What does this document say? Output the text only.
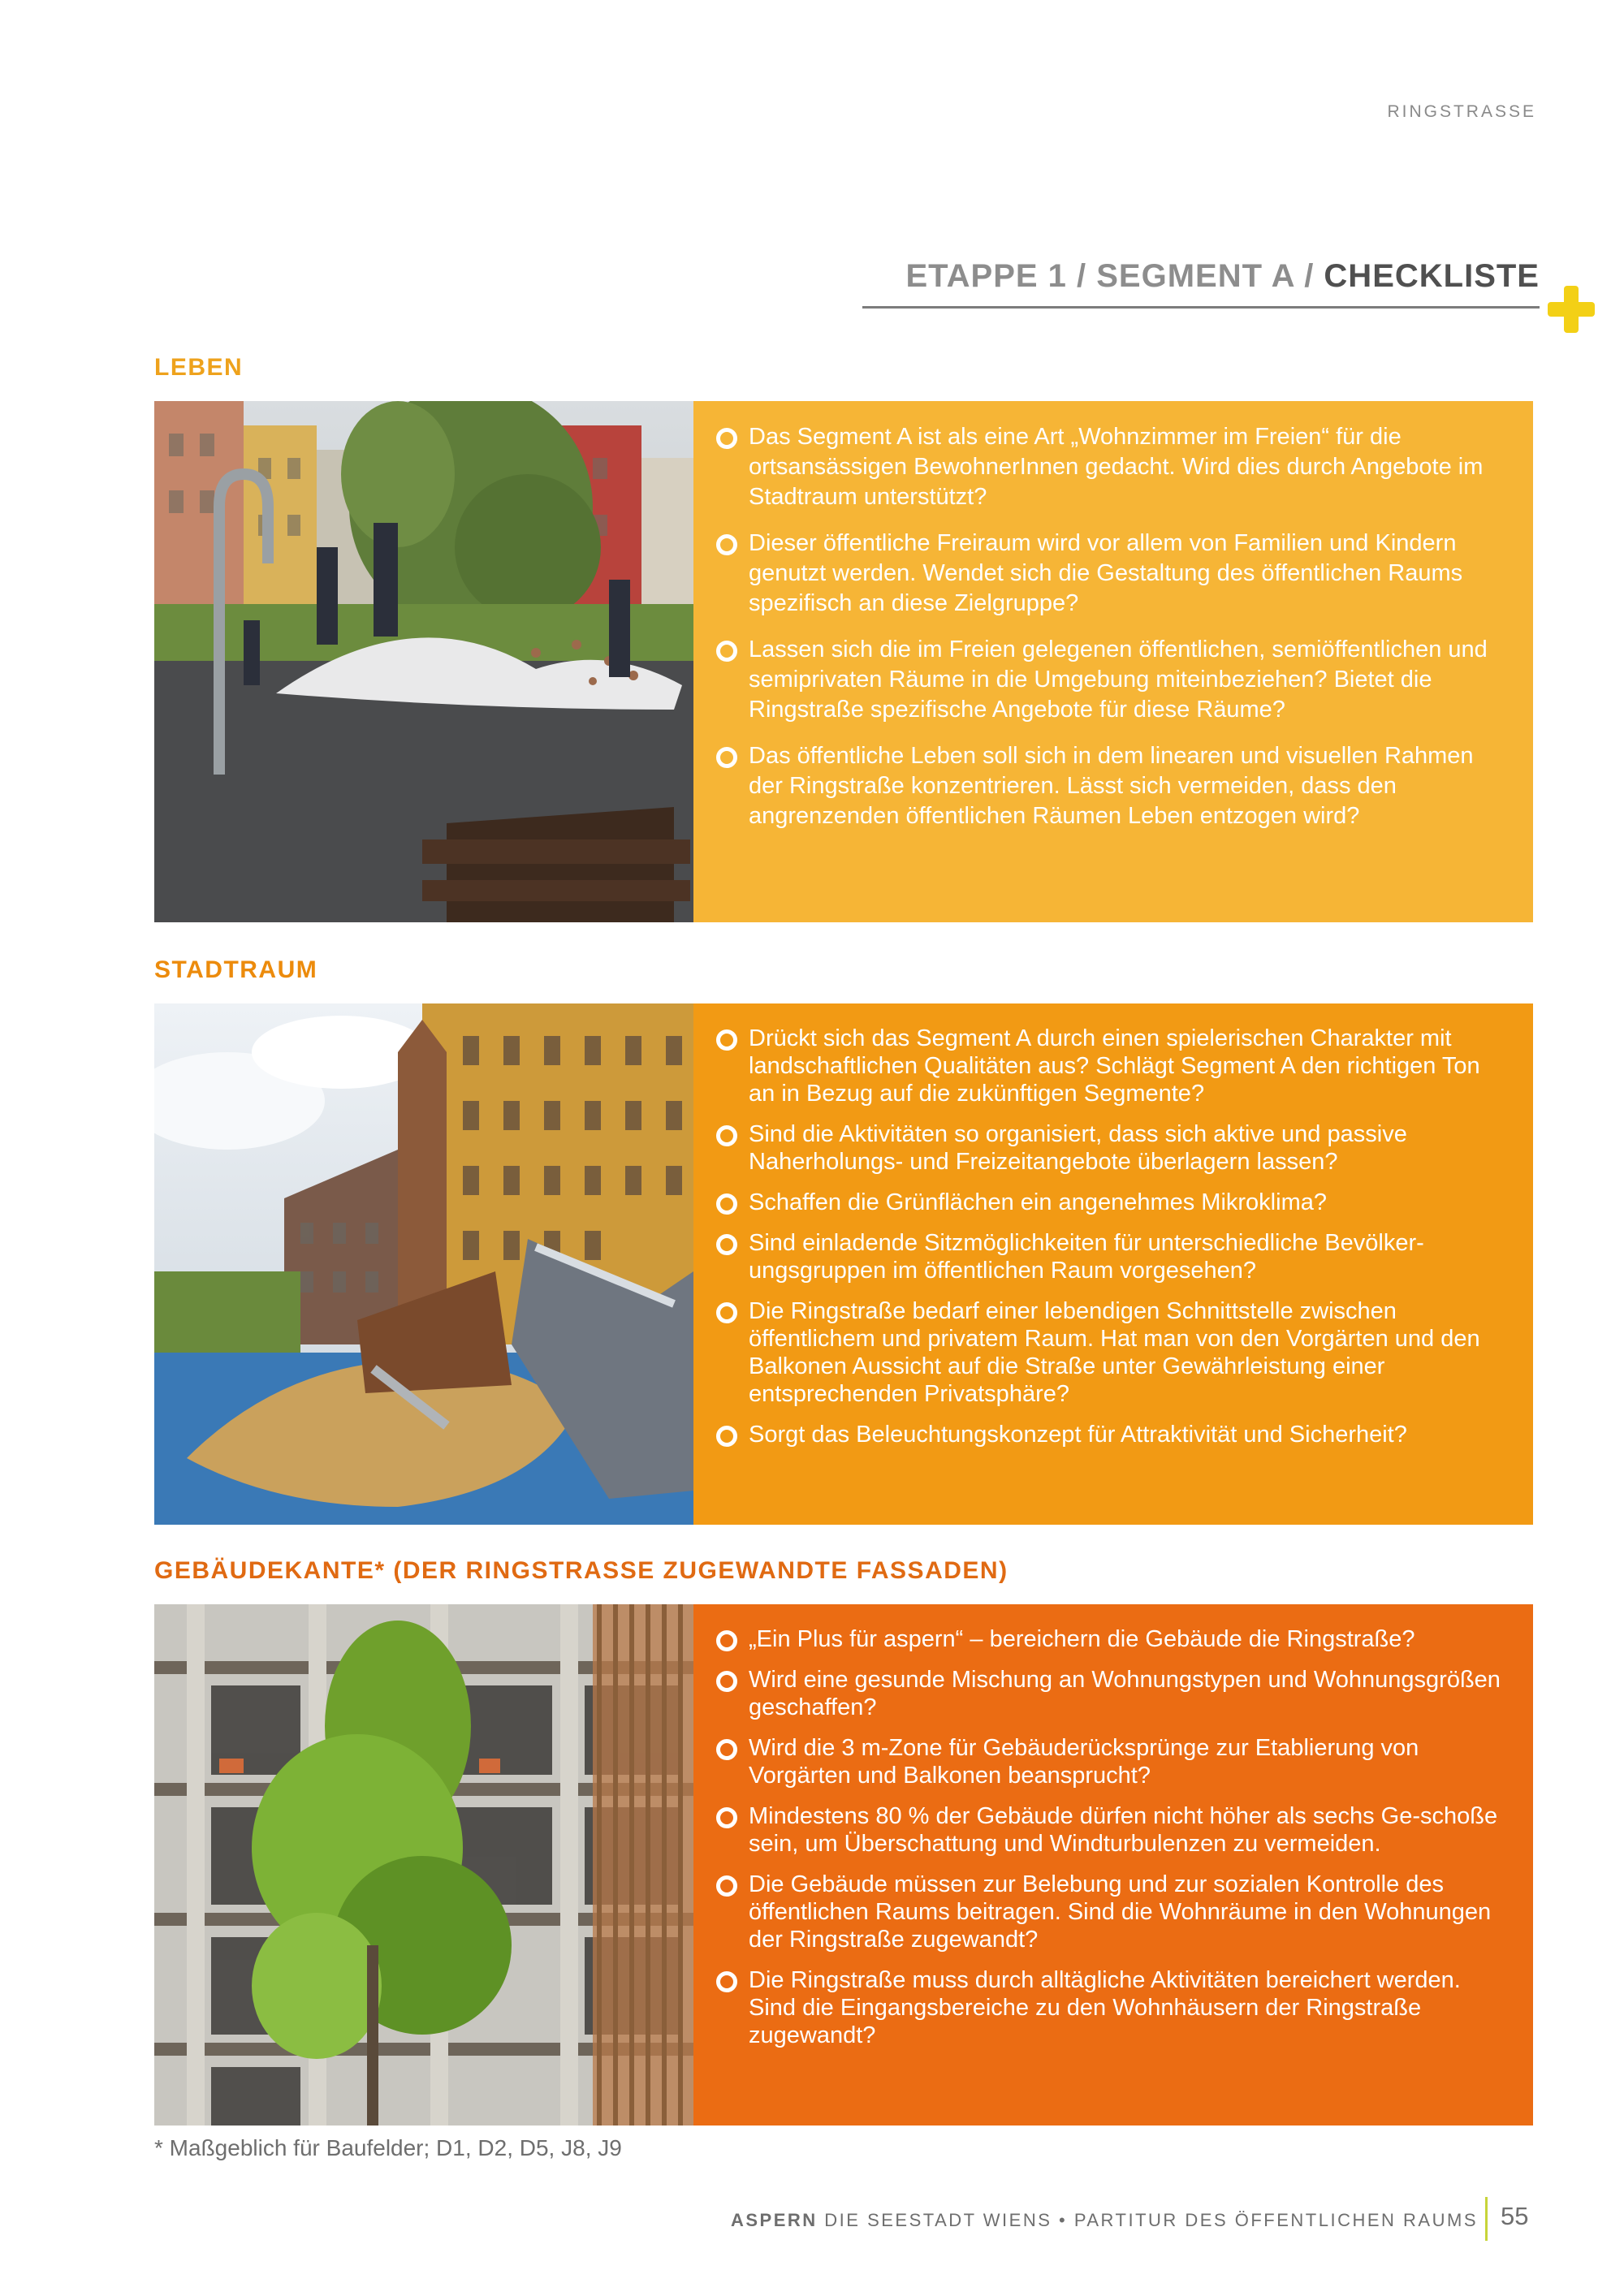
RINGSTRASSE
ETAPPE 1 / SEGMENT A / CHECKLISTE
LEBEN
Das Segment A ist als eine Art „Wohnzimmer im Freien“ für die ortsansässigen BewohnerInnen gedacht. Wird dies durch Angebote im Stadtraum unterstützt?
Dieser öffentliche Freiraum wird vor allem von Familien und Kindern genutzt werden. Wendet sich die Gestaltung des öffentlichen Raums spezifisch an diese Zielgruppe?
Lassen sich die im Freien gelegenen öffentlichen, semiöffentlichen und semiprivaten Räume in die Umgebung miteinbeziehen? Bietet die Ringstraße spezifische Angebote für diese Räume?
Das öffentliche Leben soll sich in dem linearen und visuellen Rahmen der Ringstraße konzentrieren. Lässt sich vermeiden, dass den angrenzenden öffentlichen Räumen Leben entzogen wird?
STADTRAUM
Drückt sich das Segment A durch einen spielerischen Charakter mit landschaftlichen Qualitäten aus? Schlägt Segment A den richtigen Ton an in Bezug auf die zukünftigen Segmente?
Sind die Aktivitäten so organisiert, dass sich aktive und passive Naherholungs- und Freizeitangebote überlagern lassen?
Schaffen die Grünflächen ein angenehmes Mikroklima?
Sind einladende Sitzmöglichkeiten für unterschiedliche Bevölker-ungsgruppen im öffentlichen Raum vorgesehen?
Die Ringstraße bedarf einer lebendigen Schnittstelle zwischen öffentlichem und privatem Raum. Hat man von den Vorgärten und den Balkonen Aussicht auf die Straße unter Gewährleistung einer entsprechenden Privatsphäre?
Sorgt das Beleuchtungskonzept für Attraktivität und Sicherheit?
GEBÄUDEKANTE* (DER RINGSTRASSE ZUGEWANDTE FASSADEN)
„Ein Plus für aspern“ – bereichern die Gebäude die Ringstraße?
Wird eine gesunde Mischung an Wohnungstypen und Wohnungsgrößen geschaffen?
Wird die 3 m-Zone für Gebäuderücksprünge zur Etablierung von Vorgärten und Balkonen beansprucht?
Mindestens 80 % der Gebäude dürfen nicht höher als sechs Ge-schoße sein, um Überschattung und Windturbulenzen zu vermeiden.
Die Gebäude müssen zur Belebung und zur sozialen Kontrolle des öffentlichen Raums beitragen. Sind die Wohnräume in den Wohnungen der Ringstraße zugewandt?
Die Ringstraße muss durch alltägliche Aktivitäten bereichert werden. Sind die Eingangsbereiche zu den Wohnhäusern der Ringstraße zugewandt?

* Maßgeblich für Baufelder; D1, D2, D5, J8, J9

ASPERN DIE SEESTADT WIENS • PARTITUR DES ÖFFENTLICHEN RAUMS 55
